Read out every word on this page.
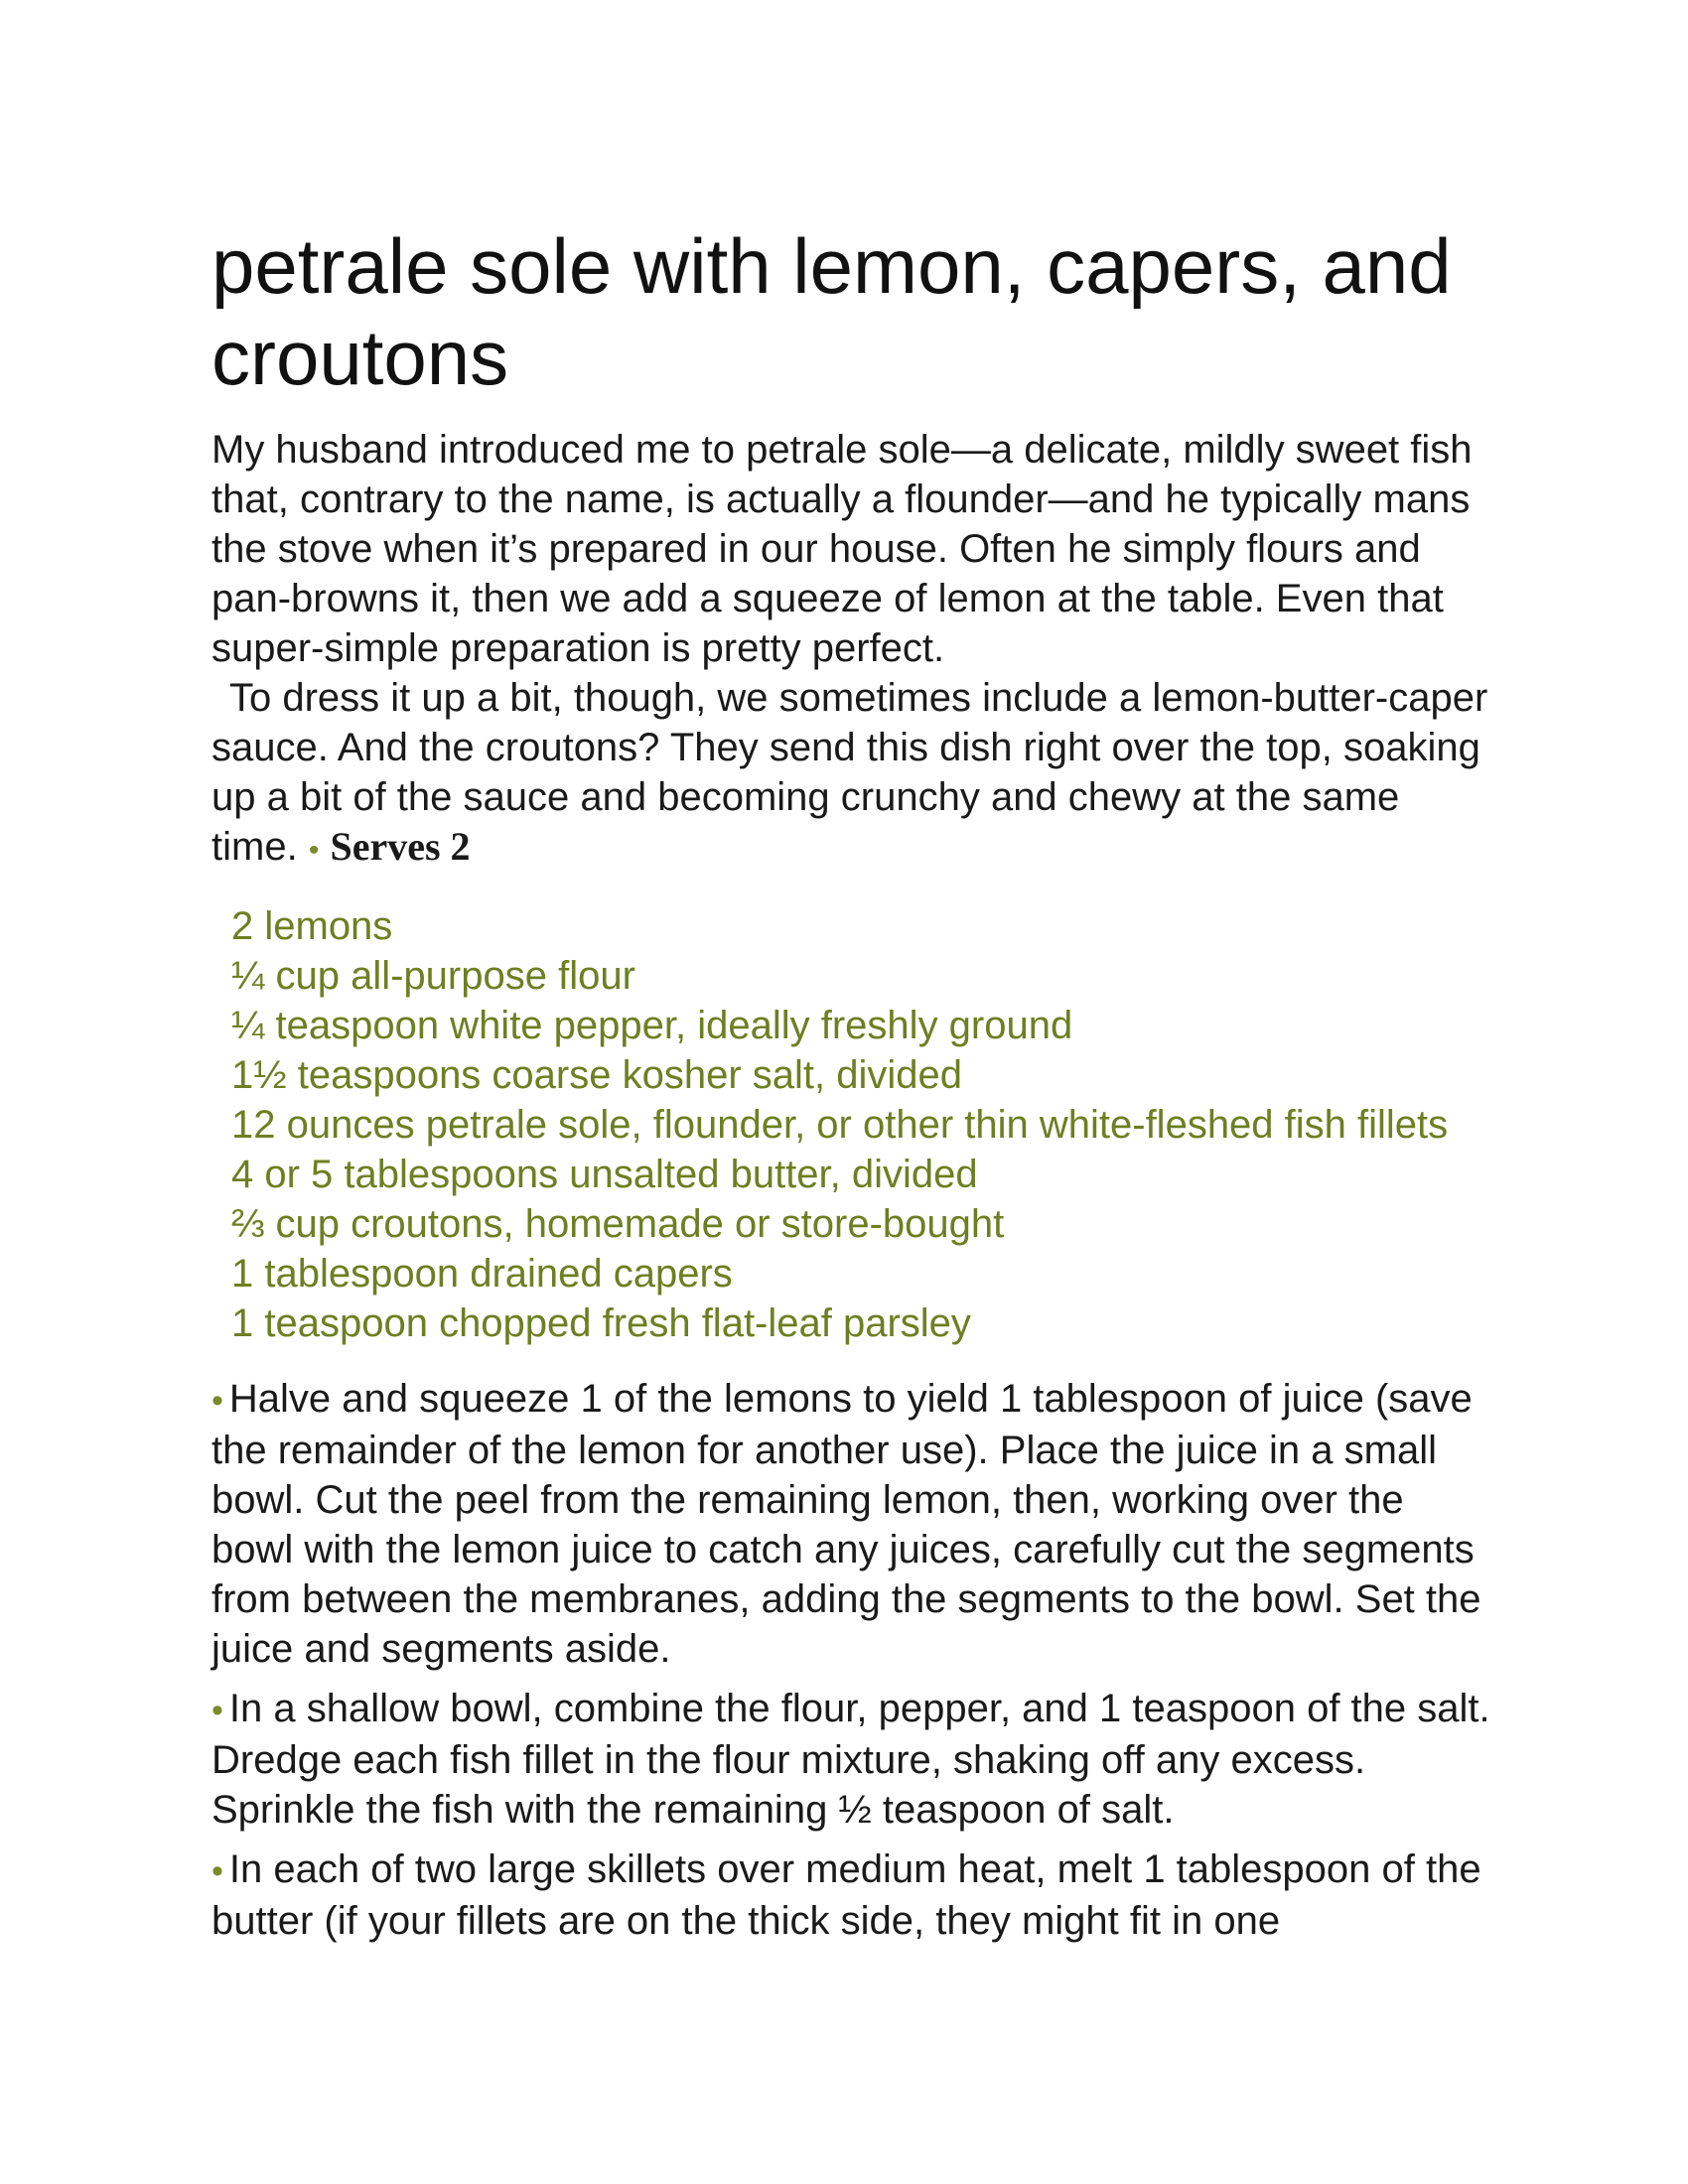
petrale sole with lemon, capers, and croutons

My husband introduced me to petrale sole—a delicate, mildly sweet fish that, contrary to the name, is actually a flounder—and he typically mans the stove when it’s prepared in our house. Often he simply flours and pan-browns it, then we add a squeeze of lemon at the table. Even that super-simple preparation is pretty perfect.

To dress it up a bit, though, we sometimes include a lemon-butter-caper sauce. And the croutons? They send this dish right over the top, soaking up a bit of the sauce and becoming crunchy and chewy at the same time. • Serves 2

2 lemons
¼ cup all-purpose flour
¼ teaspoon white pepper, ideally freshly ground
1½ teaspoons coarse kosher salt, divided
12 ounces petrale sole, flounder, or other thin white-fleshed fish fillets
4 or 5 tablespoons unsalted butter, divided
⅔ cup croutons, homemade or store-bought
1 tablespoon drained capers
1 teaspoon chopped fresh flat-leaf parsley

• Halve and squeeze 1 of the lemons to yield 1 tablespoon of juice (save the remainder of the lemon for another use). Place the juice in a small bowl. Cut the peel from the remaining lemon, then, working over the bowl with the lemon juice to catch any juices, carefully cut the segments from between the membranes, adding the segments to the bowl. Set the juice and segments aside.

• In a shallow bowl, combine the flour, pepper, and 1 teaspoon of the salt. Dredge each fish fillet in the flour mixture, shaking off any excess. Sprinkle the fish with the remaining ½ teaspoon of salt.

• In each of two large skillets over medium heat, melt 1 tablespoon of the butter (if your fillets are on the thick side, they might fit in one
